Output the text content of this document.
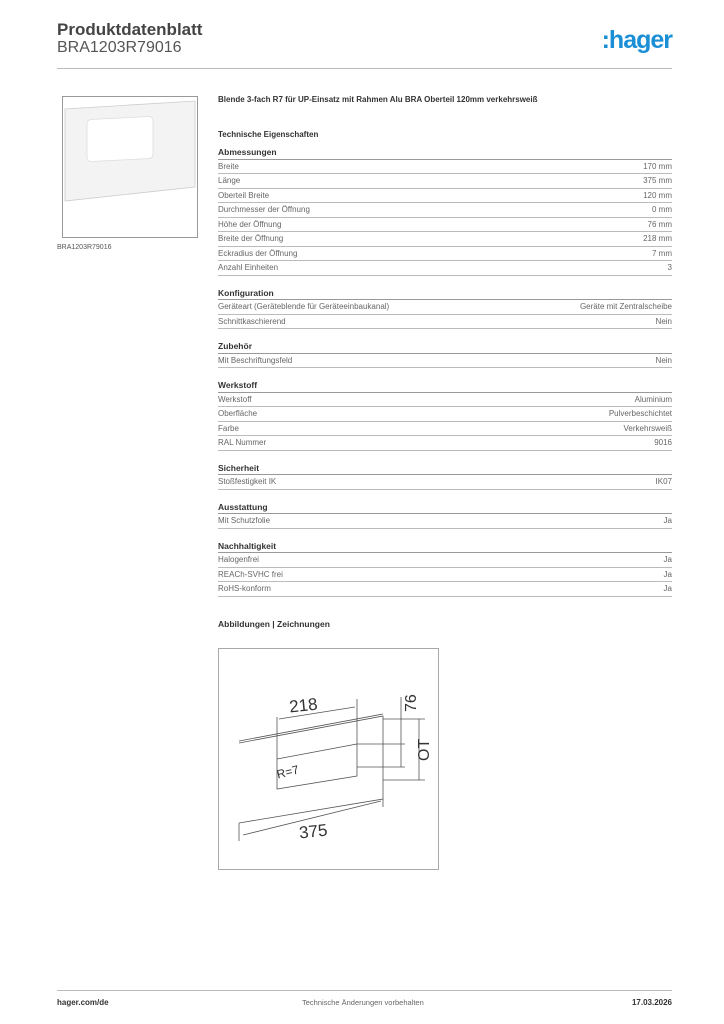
Produktdatenblatt
BRA1203R79016	:hager
BRA1203R79016
Blende 3-fach R7 für UP-Einsatz mit Rahmen Alu BRA Oberteil 120mm verkehrsweiß
Technische Eigenschaften
Abmessungen
Breite	170 mm
Länge	375 mm
Oberteil Breite	120 mm
Durchmesser der Öffnung	0 mm
Höhe der Öffnung	76 mm
Breite der Öffnung	218 mm
Eckradius der Öffnung	7 mm
Anzahl Einheiten	3
Konfiguration
Geräteart (Geräteblende für Geräteeinbaukanal)	Geräte mit Zentralscheibe
Schnittkaschierend	Nein
Zubehör
Mit Beschriftungsfeld	Nein
Werkstoff
Werkstoff	Aluminium
Oberfläche	Pulverbeschichtet
Farbe	Verkehrsweiß
RAL Nummer	9016
Sicherheit
Stoßfestigkeit IK	IK07
Ausstattung
Mit Schutzfolie	Ja
Nachhaltigkeit
Halogenfrei	Ja
REACh-SVHC frei	Ja
RoHS-konform	Ja
Abbildungen | Zeichnungen
218	76
OT
R=7
375
hager.com/de	Technische Änderungen vorbehalten	17.03.2026
